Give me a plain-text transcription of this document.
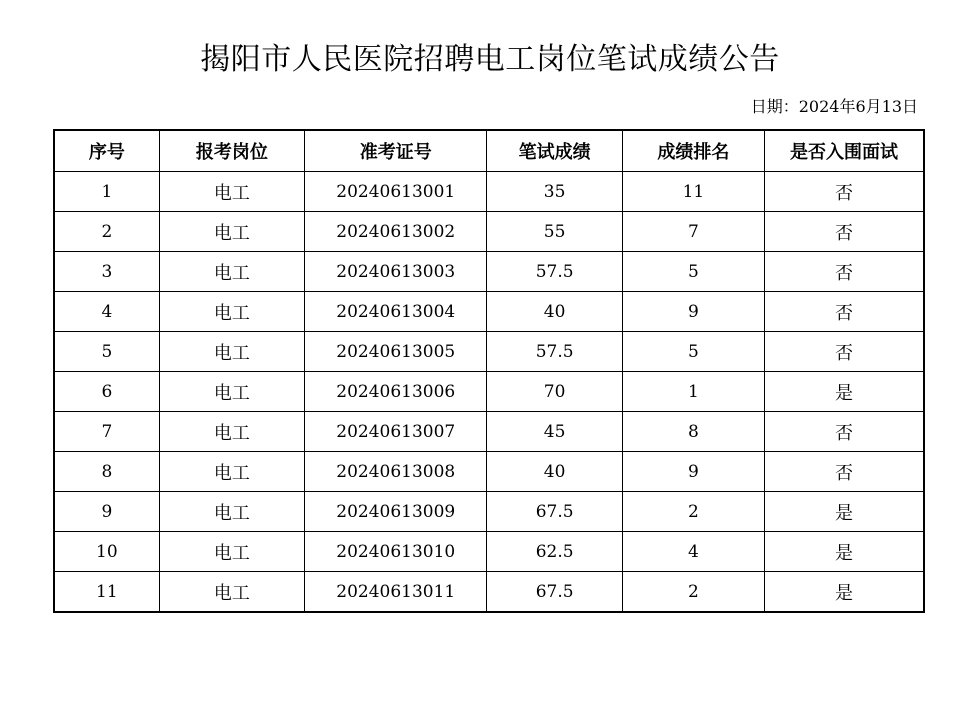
揭阳市人民医院招聘电工岗位笔试成绩公告
日期：2024年6月13日
序号	报考岗位	准考证号	笔试成绩	成绩排名	是否入围面试
1	电工	20240613001	35	11	否
2	电工	20240613002	55	7	否
3	电工	20240613003	57.5	5	否
4	电工	20240613004	40	9	否
5	电工	20240613005	57.5	5	否
6	电工	20240613006	70	1	是
7	电工	20240613007	45	8	否
8	电工	20240613008	40	9	否
9	电工	20240613009	67.5	2	是
10	电工	20240613010	62.5	4	是
11	电工	20240613011	67.5	2	是
